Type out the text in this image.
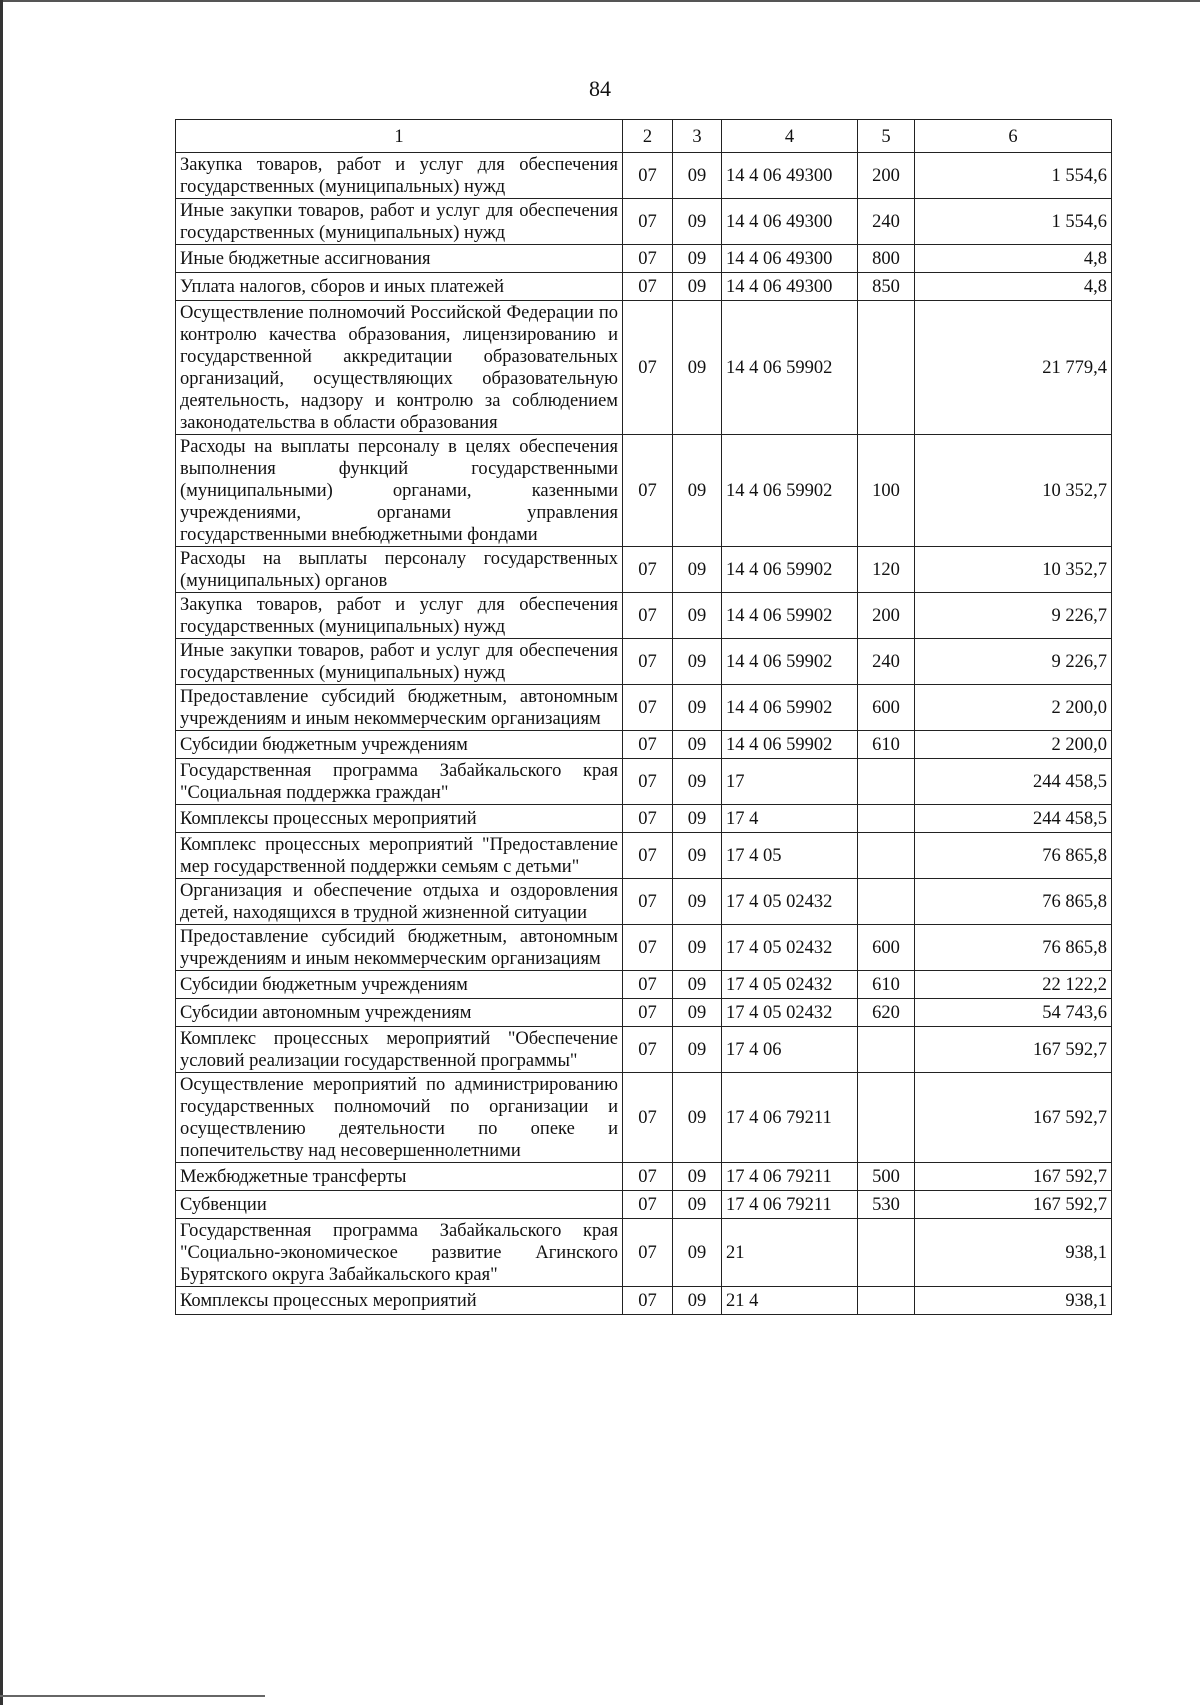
84
1	2	3	4	5	6
Закупка товаров, работ и услуг для обеспечения государственных (муниципальных) нужд	07	09	14 4 06 49300	200	1 554,6
Иные закупки товаров, работ и услуг для обеспечения государственных (муниципальных) нужд	07	09	14 4 06 49300	240	1 554,6
Иные бюджетные ассигнования	07	09	14 4 06 49300	800	4,8
Уплата налогов, сборов и иных платежей	07	09	14 4 06 49300	850	4,8
Осуществление полномочий Российской Федерации по контролю качества образования, лицензированию и государственной аккредитации образовательных организаций, осуществляющих образовательную деятельность, надзору и контролю за соблюдением законодательства в области образования	07	09	14 4 06 59902		21 779,4
Расходы на выплаты персоналу в целях обеспечения выполнения функций государственными (муниципальными) органами, казенными учреждениями, органами управления государственными внебюджетными фондами	07	09	14 4 06 59902	100	10 352,7
Расходы на выплаты персоналу государственных (муниципальных) органов	07	09	14 4 06 59902	120	10 352,7
Закупка товаров, работ и услуг для обеспечения государственных (муниципальных) нужд	07	09	14 4 06 59902	200	9 226,7
Иные закупки товаров, работ и услуг для обеспечения государственных (муниципальных) нужд	07	09	14 4 06 59902	240	9 226,7
Предоставление субсидий бюджетным, автономным учреждениям и иным некоммерческим организациям	07	09	14 4 06 59902	600	2 200,0
Субсидии бюджетным учреждениям	07	09	14 4 06 59902	610	2 200,0
Государственная программа Забайкальского края "Социальная поддержка граждан"	07	09	17		244 458,5
Комплексы процессных мероприятий	07	09	17 4		244 458,5
Комплекс процессных мероприятий "Предоставление мер государственной поддержки семьям с детьми"	07	09	17 4 05		76 865,8
Организация и обеспечение отдыха и оздоровления детей, находящихся в трудной жизненной ситуации	07	09	17 4 05 02432		76 865,8
Предоставление субсидий бюджетным, автономным учреждениям и иным некоммерческим организациям	07	09	17 4 05 02432	600	76 865,8
Субсидии бюджетным учреждениям	07	09	17 4 05 02432	610	22 122,2
Субсидии автономным учреждениям	07	09	17 4 05 02432	620	54 743,6
Комплекс процессных мероприятий "Обеспечение условий реализации государственной программы"	07	09	17 4 06		167 592,7
Осуществление мероприятий по администрированию государственных полномочий по организации и осуществлению деятельности по опеке и попечительству над несовершеннолетними	07	09	17 4 06 79211		167 592,7
Межбюджетные трансферты	07	09	17 4 06 79211	500	167 592,7
Субвенции	07	09	17 4 06 79211	530	167 592,7
Государственная программа Забайкальского края "Социально-экономическое развитие Агинского Бурятского округа Забайкальского края"	07	09	21		938,1
Комплексы процессных мероприятий	07	09	21 4		938,1
